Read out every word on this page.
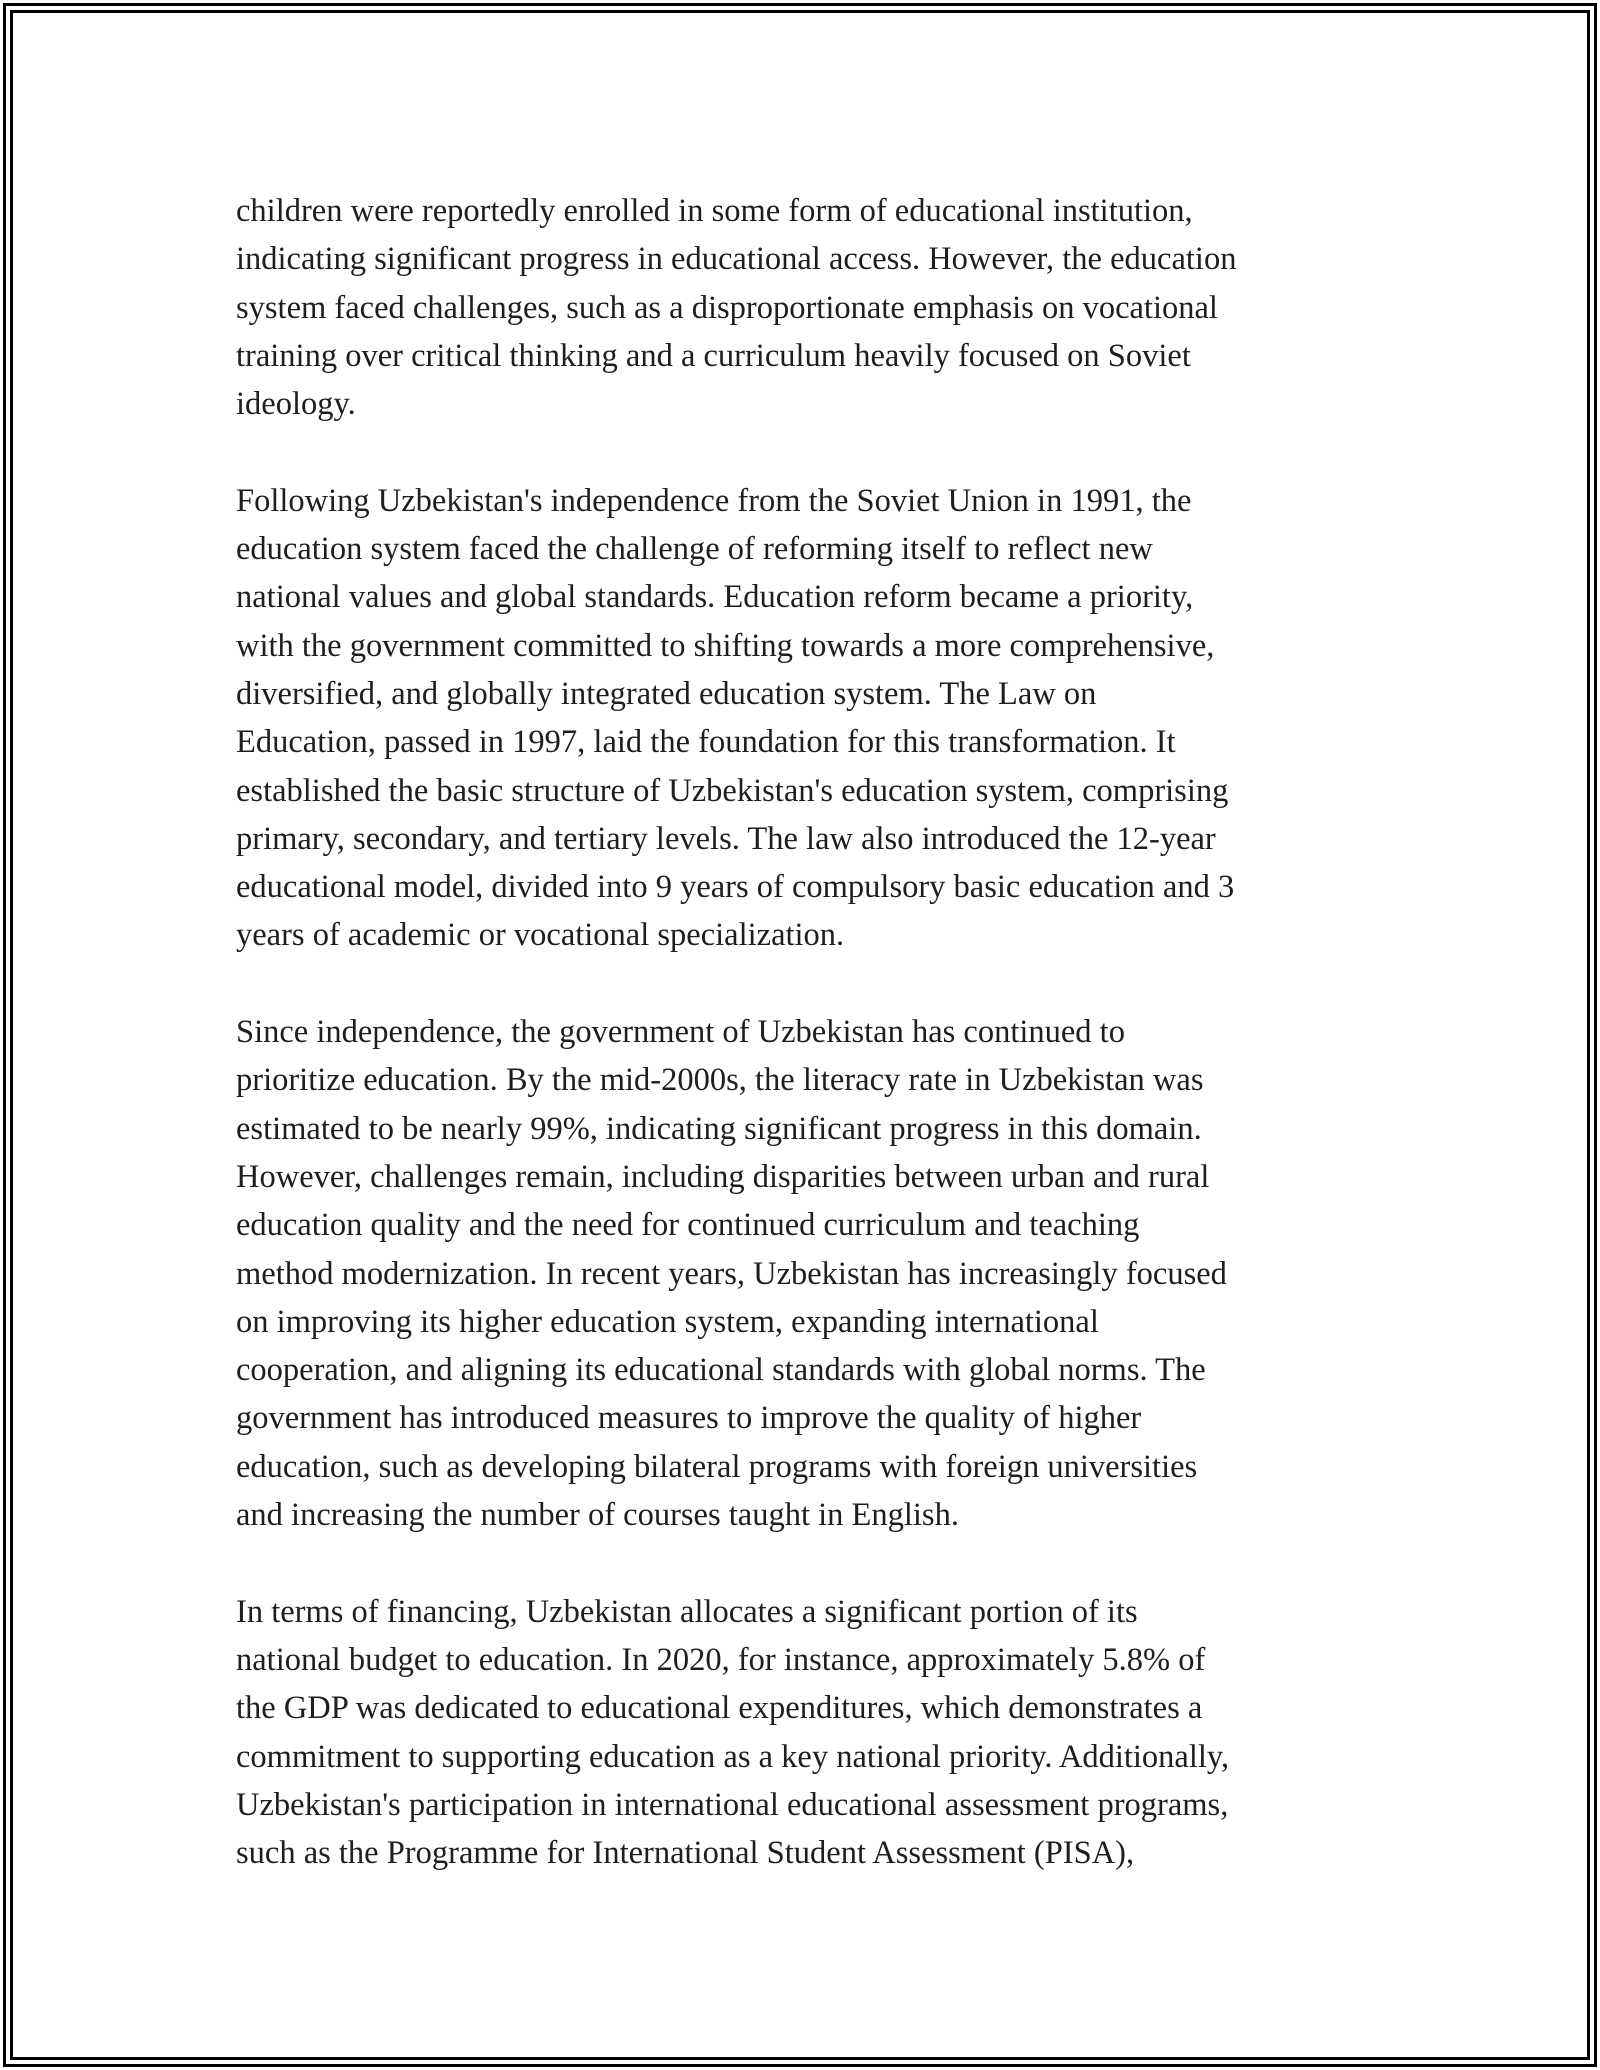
children were reportedly enrolled in some form of educational institution,
indicating significant progress in educational access. However, the education
system faced challenges, such as a disproportionate emphasis on vocational
training over critical thinking and a curriculum heavily focused on Soviet
ideology.
Following Uzbekistan's independence from the Soviet Union in 1991, the
education system faced the challenge of reforming itself to reflect new
national values and global standards. Education reform became a priority,
with the government committed to shifting towards a more comprehensive,
diversified, and globally integrated education system. The Law on
Education, passed in 1997, laid the foundation for this transformation. It
established the basic structure of Uzbekistan's education system, comprising
primary, secondary, and tertiary levels. The law also introduced the 12-year
educational model, divided into 9 years of compulsory basic education and 3
years of academic or vocational specialization.
Since independence, the government of Uzbekistan has continued to
prioritize education. By the mid-2000s, the literacy rate in Uzbekistan was
estimated to be nearly 99%, indicating significant progress in this domain.
However, challenges remain, including disparities between urban and rural
education quality and the need for continued curriculum and teaching
method modernization. In recent years, Uzbekistan has increasingly focused
on improving its higher education system, expanding international
cooperation, and aligning its educational standards with global norms. The
government has introduced measures to improve the quality of higher
education, such as developing bilateral programs with foreign universities
and increasing the number of courses taught in English.
In terms of financing, Uzbekistan allocates a significant portion of its
national budget to education. In 2020, for instance, approximately 5.8% of
the GDP was dedicated to educational expenditures, which demonstrates a
commitment to supporting education as a key national priority. Additionally,
Uzbekistan's participation in international educational assessment programs,
such as the Programme for International Student Assessment (PISA),
